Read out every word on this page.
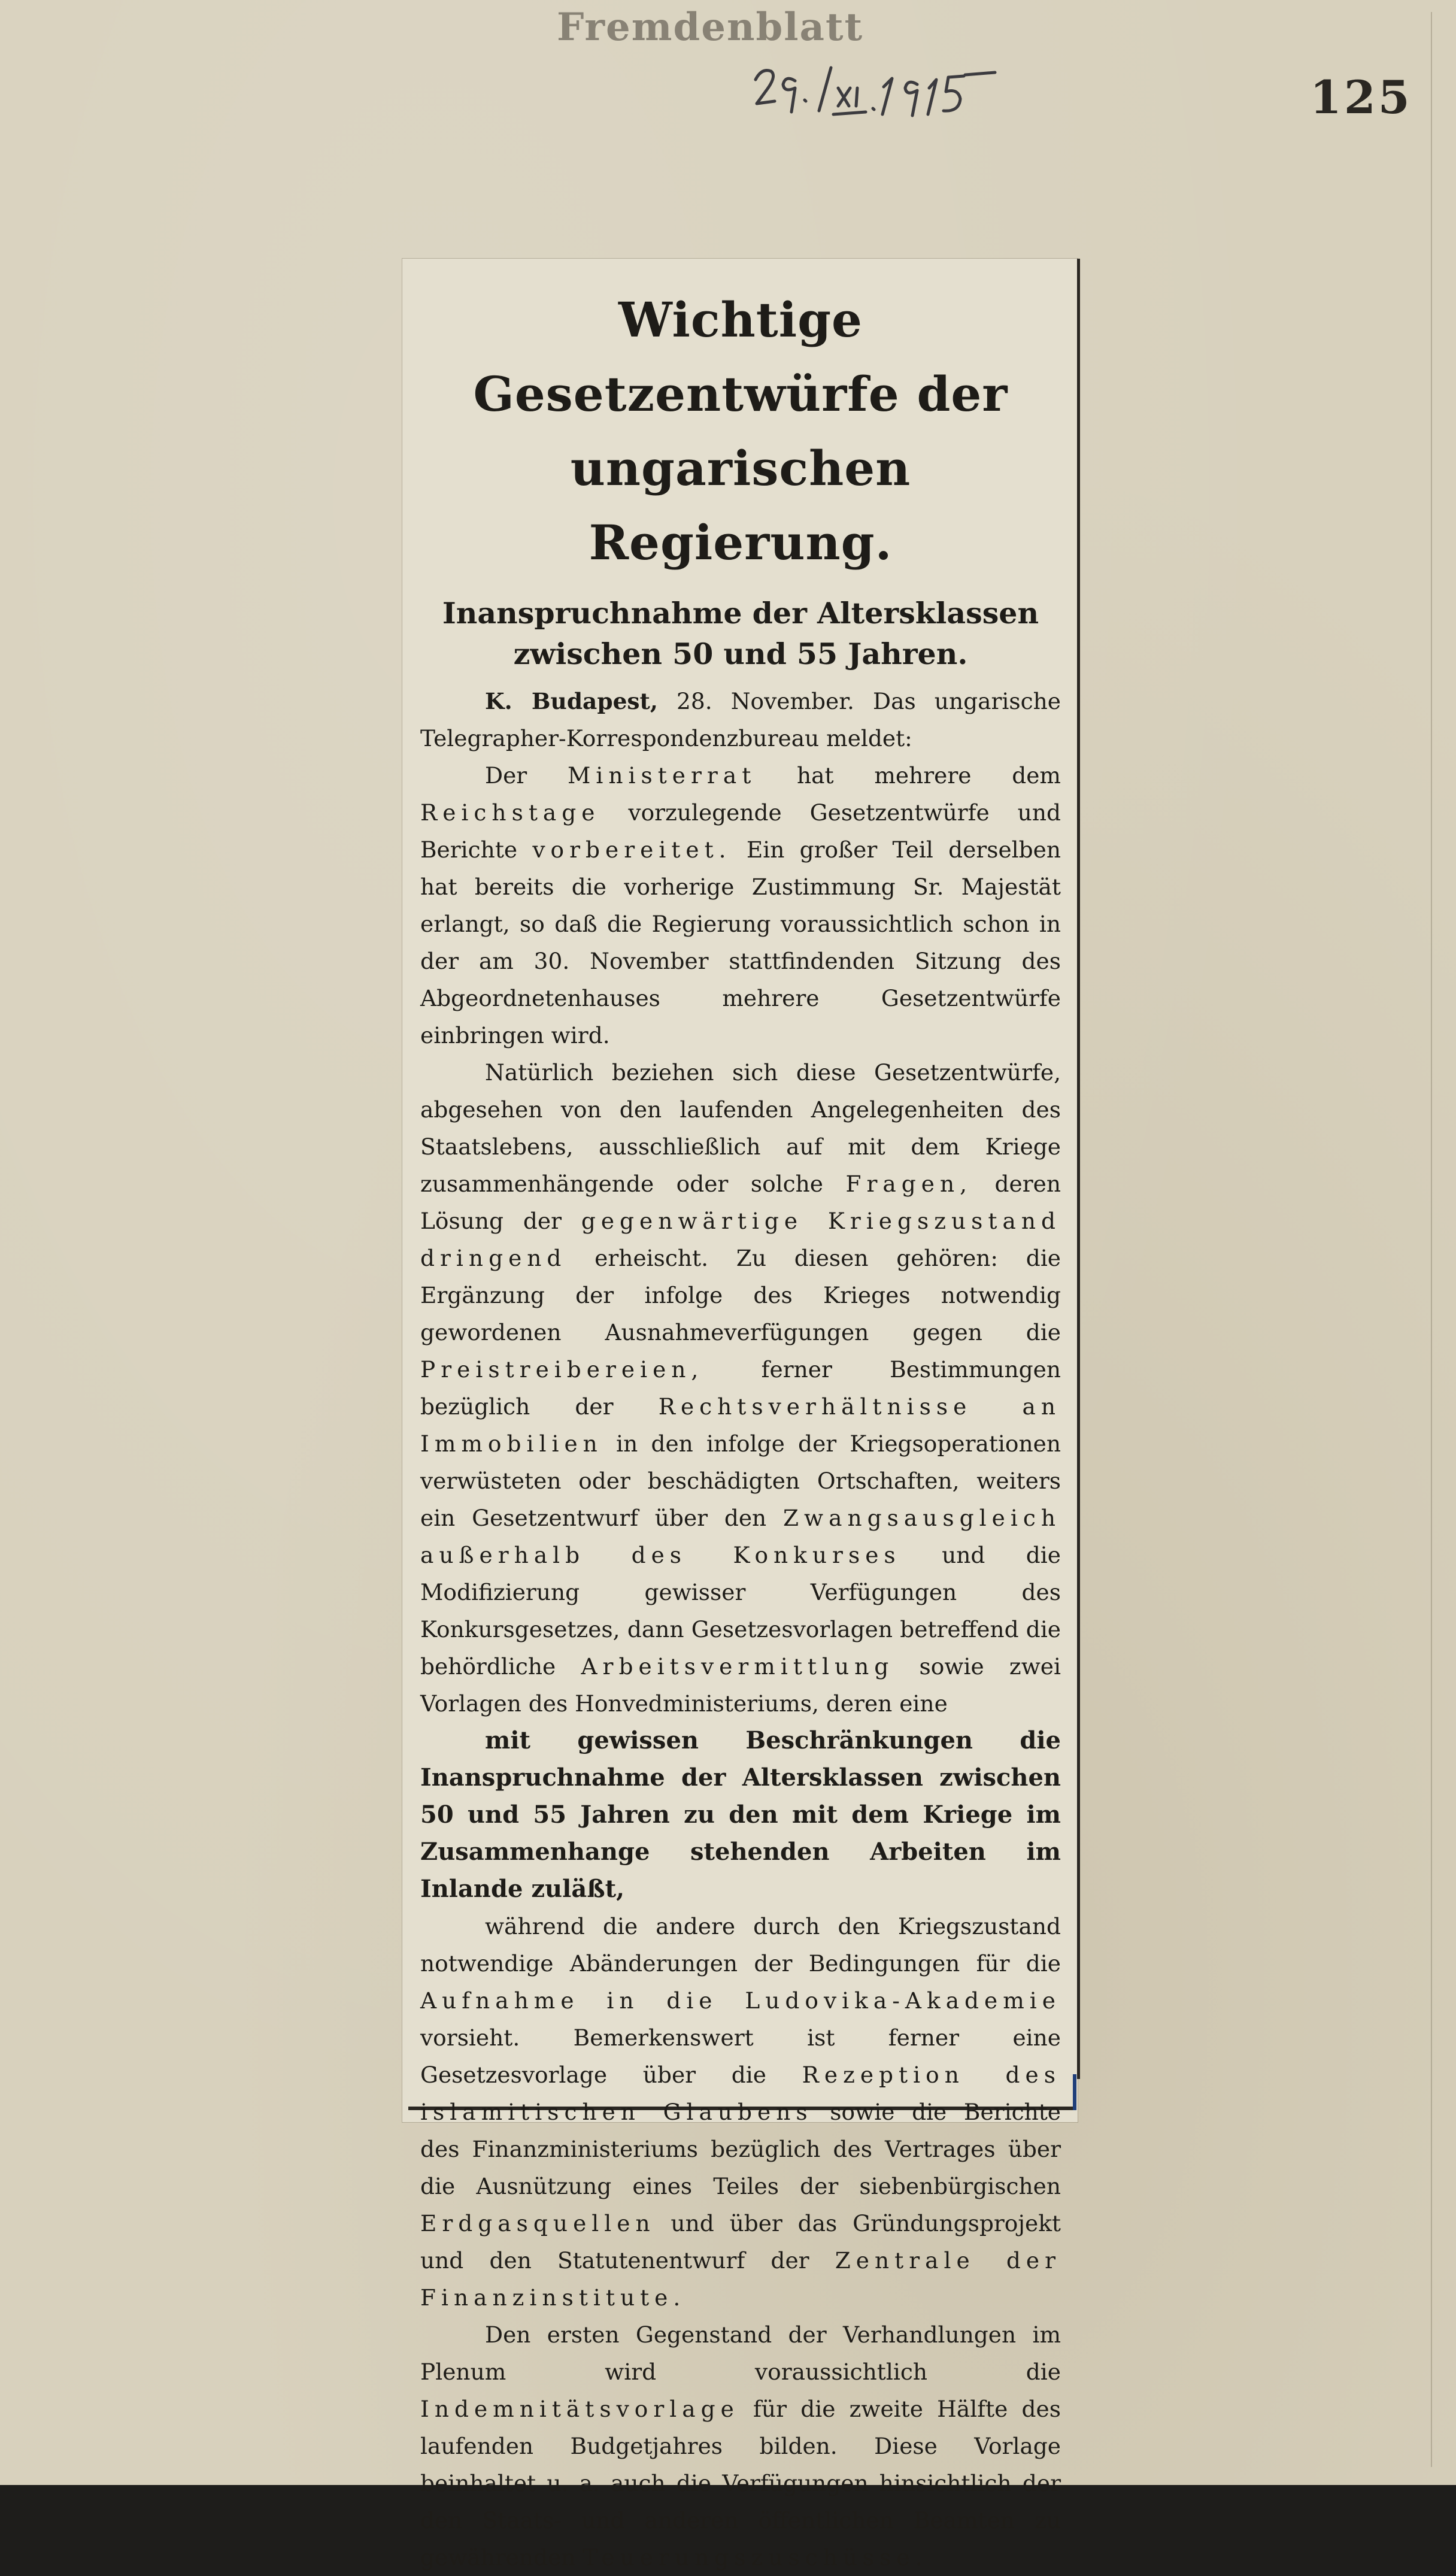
Fremdenblatt
125
Wichtige Gesetzentwürfe der ungarischen Regierung.
Inanspruchnahme der Altersklassen zwischen 50 und 55 Jahren.

K. Budapest, 28. November. Das ungarische Telegrapher-Korrespondenzbureau meldet:

Der Ministerrat hat mehrere dem Reichstage vorzulegende Gesetzentwürfe und Berichte vorbereitet. Ein großer Teil derselben hat bereits die vorherige Zustimmung Sr. Majestät erlangt, so daß die Regierung voraussichtlich schon in der am 30. November stattfindenden Sitzung des Abgeordnetenhauses mehrere Gesetzentwürfe einbringen wird.

Natürlich beziehen sich diese Gesetzentwürfe, abgesehen von den laufenden Angelegenheiten des Staatslebens, ausschließlich auf mit dem Kriege zusammenhängende oder solche Fragen, deren Lösung der gegenwärtige Kriegszustand dringend erheischt. Zu diesen gehören: die Ergänzung der infolge des Krieges notwendig gewordenen Ausnahmeverfügungen gegen die Preistreibereien, ferner Bestimmungen bezüglich der Rechtsverhältnisse an Immobilien in den infolge der Kriegsoperationen verwüsteten oder beschädigten Ortschaften, weiters ein Gesetzentwurf über den Zwangsausgleich außerhalb des Konkurses und die Modifizierung gewisser Verfügungen des Konkursgesetzes, dann Gesetzesvorlagen betreffend die behördliche Arbeitsvermittlung sowie zwei Vorlagen des Honvedministeriums, deren eine

mit gewissen Beschränkungen die Inanspruchnahme der Altersklassen zwischen 50 und 55 Jahren zu den mit dem Kriege im Zusammenhange stehenden Arbeiten im Inlande zuläßt,

während die andere durch den Kriegszustand notwendige Abänderungen der Bedingungen für die Aufnahme in die Ludovika-Akademie vorsieht. Bemerkenswert ist ferner eine Gesetzesvorlage über die Rezeption des islamitischen Glaubens sowie die Berichte des Finanzministeriums bezüglich des Vertrages über die Ausnützung eines Teiles der siebenbürgischen Erdgasquellen und über das Gründungsprojekt und den Statutenentwurf der Zentrale der Finanzinstitute.

Den ersten Gegenstand der Verhandlungen im Plenum wird voraussichtlich die Indemnitätsvorlage für die zweite Hälfte des laufenden Budgetjahres bilden. Diese Vorlage beinhaltet u. a. auch die Verfügungen hinsichtlich der den Staats- und anderen öffentlichen Beamten zu gewährenden Teuerungszuschüsse.
